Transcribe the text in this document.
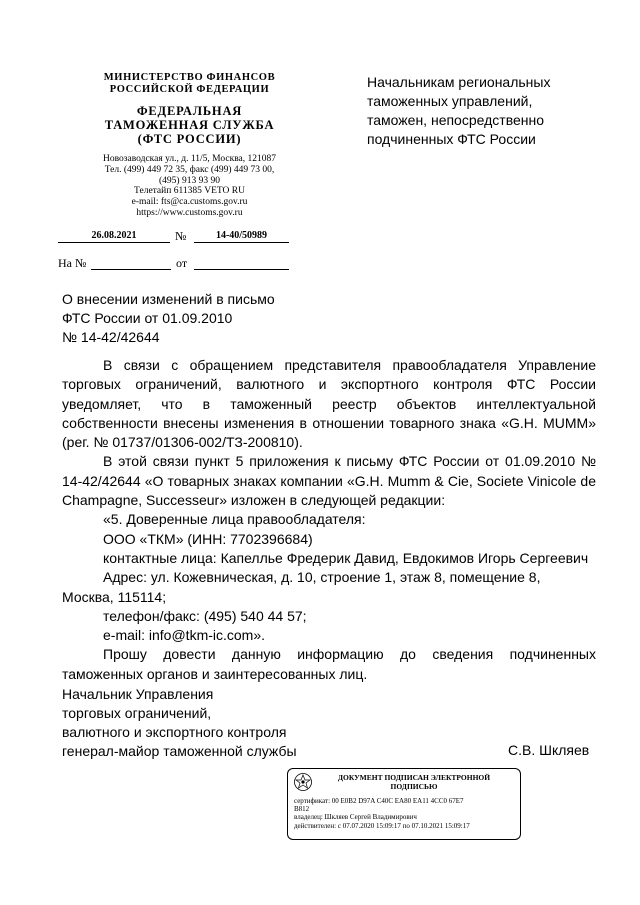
МИНИСТЕРСТВО ФИНАНСОВ
РОССИЙСКОЙ ФЕДЕРАЦИИ
ФЕДЕРАЛЬНАЯ
ТАМОЖЕННАЯ СЛУЖБА
(ФТС РОССИИ)
Новозаводская ул., д. 11/5, Москва, 121087
Тел. (499) 449 72 35, факс (499) 449 73 00,
(495) 913 93 90
Телетайп 611385 VETO RU
e-mail: fts@ca.customs.gov.ru
https://www.customs.gov.ru
26.08.2021	№	14-40/50989
На №	от
Начальникам региональных
таможенных управлений,
таможен, непосредственно
подчиненных ФТС России
О внесении изменений в письмо
ФТС России от 01.09.2010
№ 14-42/42644

В связи с обращением представителя правообладателя Управление торговых ограничений, валютного и экспортного контроля ФТС России уведомляет, что в таможенный реестр объектов интеллектуальной собственности внесены изменения в отношении товарного знака «G.H. MUMM» (рег. № 01737/01306-002/ТЗ-200810).

В этой связи пункт 5 приложения к письму ФТС России от 01.09.2010 № 14-42/42644 «О товарных знаках компании «G.H. Mumm & Cie, Societe Vinicole de Champagne, Successeur» изложен в следующей редакции:

«5. Доверенные лица правообладателя:

ООО «ТКМ» (ИНН: 7702396684)

контактные лица: Капеллье Фредерик Давид, Евдокимов Игорь Сергеевич

Адрес: ул. Кожевническая, д. 10, строение 1, этаж 8, помещение 8, Москва, 115114;

телефон/факс: (495) 540 44 57;

e-mail: info@tkm-ic.com».

Прошу довести данную информацию до сведения подчиненных таможенных органов и заинтересованных лиц.

Начальник Управления
торговых ограничений,
валютного и экспортного контроля
генерал-майор таможенной службы	С.В. Шкляев
ДОКУМЕНТ ПОДПИСАН ЭЛЕКТРОННОЙ
ПОДПИСЬЮ
сертификат: 00 E0B2 D97A C40C EA80 EA11 4CC0 67E7
B812
владелец: Шкляев Сергей Владимирович
действителен: с 07.07.2020 15:09:17 по 07.10.2021 15:09:17
